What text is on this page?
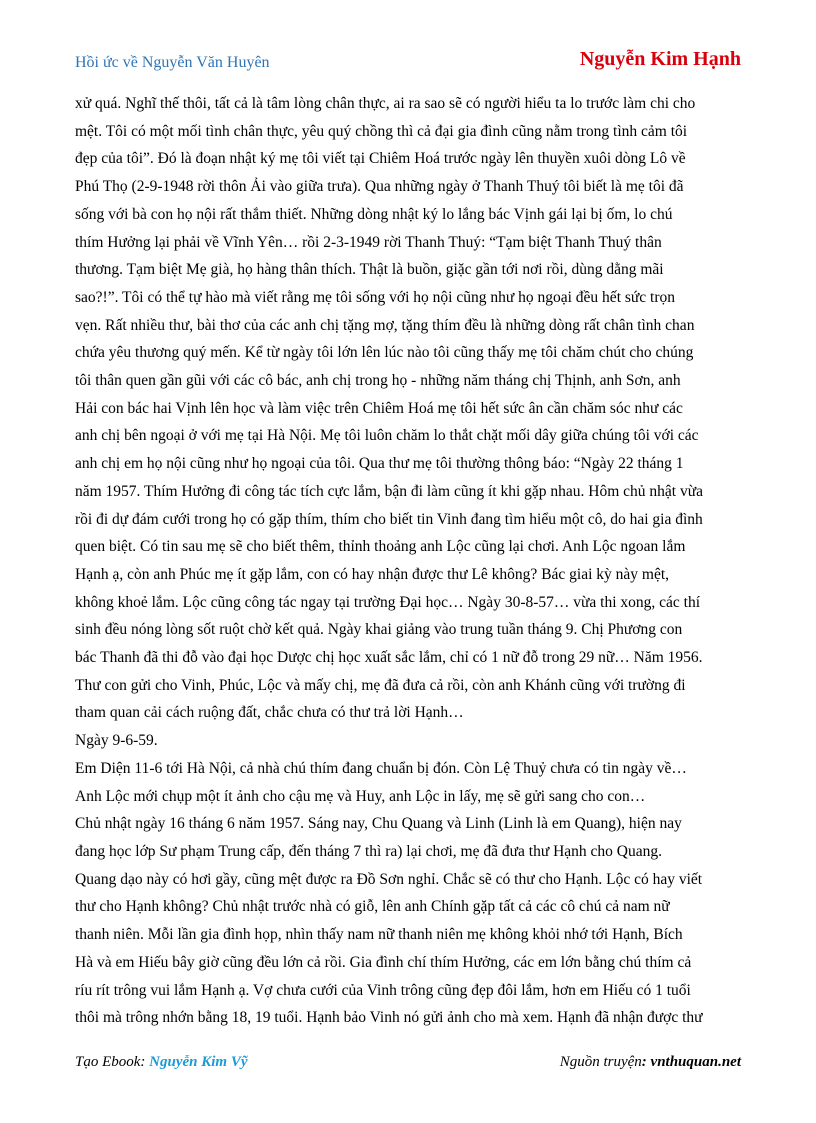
Hồi ức về Nguyễn Văn Huyên	Nguyễn Kim Hạnh

xử quá. Nghĩ thế thôi, tất cả là tâm lòng chân thực, ai ra sao sẽ có người hiểu ta lo trước làm chi cho

mệt. Tôi có một mối tình chân thực, yêu quý chồng thì cả đại gia đình cũng nằm trong tình cảm tôi

đẹp của tôi”. Đó là đoạn nhật ký mẹ tôi viết tại Chiêm Hoá trước ngày lên thuyền xuôi dòng Lô về

Phú Thọ (2-9-1948 rời thôn Ải vào giữa trưa). Qua những ngày ở Thanh Thuý tôi biết là mẹ tôi đã

sống với bà con họ nội rất thắm thiết. Những dòng nhật ký lo lắng bác Vịnh gái lại bị ốm, lo chú

thím Hưởng lại phải về Vĩnh Yên… rồi 2-3-1949 rời Thanh Thuý: “Tạm biệt Thanh Thuý thân

thương. Tạm biệt Mẹ già, họ hàng thân thích. Thật là buồn, giặc gần tới nơi rồi, dùng dằng mãi

sao?!”. Tôi có thể tự hào mà viết rằng mẹ tôi sống với họ nội cũng như họ ngoại đều hết sức trọn

vẹn. Rất nhiều thư, bài thơ của các anh chị tặng mợ, tặng thím đều là những dòng rất chân tình chan

chứa yêu thương quý mến. Kể từ ngày tôi lớn lên lúc nào tôi cũng thấy mẹ tôi chăm chút cho chúng

tôi thân quen gần gũi với các cô bác, anh chị trong họ - những năm tháng chị Thịnh, anh Sơn, anh

Hải con bác hai Vịnh lên học và làm việc trên Chiêm Hoá mẹ tôi hết sức ân cần chăm sóc như các

anh chị bên ngoại ở với mẹ tại Hà Nội. Mẹ tôi luôn chăm lo thắt chặt mối dây giữa chúng tôi với các

anh chị em họ nội cũng như họ ngoại của tôi. Qua thư mẹ tôi thường thông báo: “Ngày 22 tháng 1

năm 1957. Thím Hưởng đi công tác tích cực lắm, bận đi làm cũng ít khi gặp nhau. Hôm chủ nhật vừa

rồi đi dự đám cưới trong họ có gặp thím, thím cho biết tin Vinh đang tìm hiểu một cô, do hai gia đình

quen biệt. Có tin sau mẹ sẽ cho biết thêm, thỉnh thoảng anh Lộc cũng lại chơi. Anh Lộc ngoan lắm

Hạnh ạ, còn anh Phúc mẹ ít gặp lắm, con có hay nhận được thư Lê không? Bác giai kỳ này mệt,

không khoẻ lắm. Lộc cũng công tác ngay tại trường Đại học… Ngày 30-8-57… vừa thi xong, các thí

sinh đều nóng lòng sốt ruột chờ kết quả. Ngày khai giảng vào trung tuần tháng 9. Chị Phương con

bác Thanh đã thi đỗ vào đại học Dược chị học xuất sắc lắm, chỉ có 1 nữ đỗ trong 29 nữ… Năm 1956.

Thư con gửi cho Vinh, Phúc, Lộc và mấy chị, mẹ đã đưa cả rồi, còn anh Khánh cũng với trường đi

tham quan cải cách ruộng đất, chắc chưa có thư trả lời Hạnh…

Ngày 9-6-59.

Em Diện 11-6 tới Hà Nội, cả nhà chú thím đang chuẩn bị đón. Còn Lệ Thuỷ chưa có tin ngày về…

Anh Lộc mới chụp một ít ảnh cho cậu mẹ và Huy, anh Lộc in lấy, mẹ sẽ gửi sang cho con…

Chủ nhật ngày 16 tháng 6 năm 1957. Sáng nay, Chu Quang và Linh (Linh là em Quang), hiện nay

đang học lớp Sư phạm Trung cấp, đến tháng 7 thì ra) lại chơi, mẹ đã đưa thư Hạnh cho Quang.

Quang dạo này có hơi gầy, cũng mệt được ra Đồ Sơn nghỉ. Chắc sẽ có thư cho Hạnh. Lộc có hay viết

thư cho Hạnh không? Chủ nhật trước nhà có giỗ, lên anh Chính gặp tất cả các cô chú cả nam nữ

thanh niên. Mỗi lần gia đình họp, nhìn thấy nam nữ thanh niên mẹ không khỏi nhớ tới Hạnh, Bích

Hà và em Hiếu bây giờ cũng đều lớn cả rồi. Gia đình chí thím Hưởng, các em lớn bằng chú thím cả

ríu rít trông vui lắm Hạnh ạ. Vợ chưa cưới của Vinh trông cũng đẹp đôi lắm, hơn em Hiếu có 1 tuổi

thôi mà trông nhớn bằng 18, 19 tuổi. Hạnh bảo Vinh nó gửi ảnh cho mà xem. Hạnh đã nhận được thư

Tạo Ebook: Nguyễn Kim Vỹ	Nguồn truyện: vnthuquan.net
